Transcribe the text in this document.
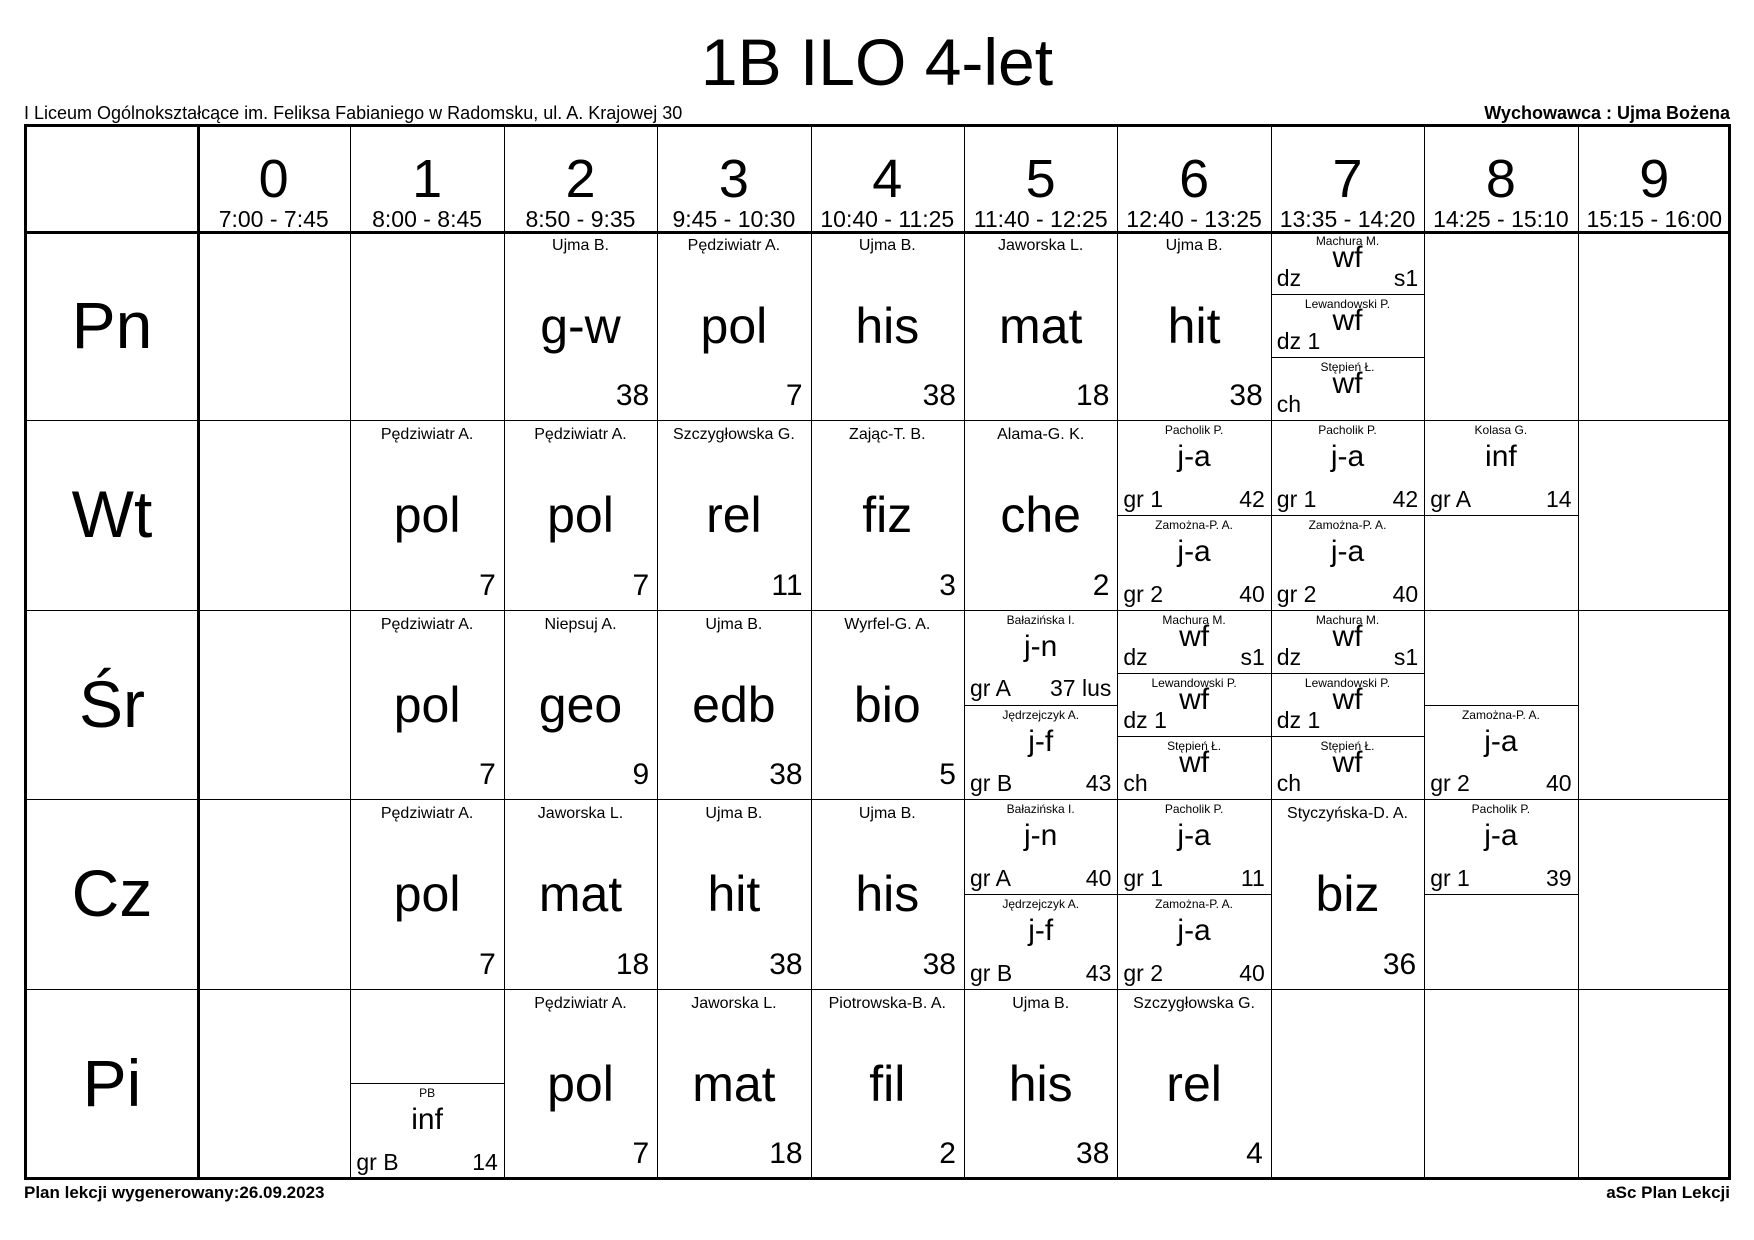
1B ILO 4-let
I Liceum Ogólnokształcące im. Feliksa Fabianiego w Radomsku, ul. A. Krajowej 30	Wychowawca : Ujma Bożena
0
7:00 - 7:45
1
8:00 - 8:45
2
8:50 - 9:35
3
9:45 - 10:30
4
10:40 - 11:25
5
11:40 - 12:25
6
12:40 - 13:25
7
13:35 - 14:20
8
14:25 - 15:10
9
15:15 - 16:00
Pn
Wt
Śr
Cz
Pi
Ujma B.
g-w
38
Pędziwiatr A.
pol
7
Ujma B.
his
38
Jaworska L.
mat
18
Ujma B.
hit
38
Machura M.
dz
wf
s1
Lewandowski P.
dz 1
wf
Stępień Ł.
ch
wf
Pędziwiatr A.
pol
7
Pędziwiatr A.
pol
7
Szczygłowska G.
rel
11
Zając-T. B.
fiz
3
Alama-G. K.
che
2
Pacholik P.
gr 1
j-a
42
Zamożna-P. A.
gr 2
j-a
40
Pacholik P.
gr 1
j-a
42
Zamożna-P. A.
gr 2
j-a
40
Kolasa G.
gr A
inf
14
Pędziwiatr A.
pol
7
Niepsuj A.
geo
9
Ujma B.
edb
38
Wyrfel-G. A.
bio
5
Bałazińska I.
gr A
j-n
37 lus
Jędrzejczyk A.
gr B
j-f
43
Machura M.
dz
wf
s1
Lewandowski P.
dz 1
wf
Stępień Ł.
ch
wf
Machura M.
dz
wf
s1
Lewandowski P.
dz 1
wf
Stępień Ł.
ch
wf
Zamożna-P. A.
gr 2
j-a
40
Pędziwiatr A.
pol
7
Jaworska L.
mat
18
Ujma B.
hit
38
Ujma B.
his
38
Bałazińska I.
gr A
j-n
40
Jędrzejczyk A.
gr B
j-f
43
Pacholik P.
gr 1
j-a
11
Zamożna-P. A.
gr 2
j-a
40
Styczyńska-D. A.
biz
36
Pacholik P.
gr 1
j-a
39
PB
gr B
inf
14
Pędziwiatr A.
pol
7
Jaworska L.
mat
18
Piotrowska-B. A.
fil
2
Ujma B.
his
38
Szczygłowska G.
rel
4
Plan lekcji wygenerowany:26.09.2023	aSc Plan Lekcji
